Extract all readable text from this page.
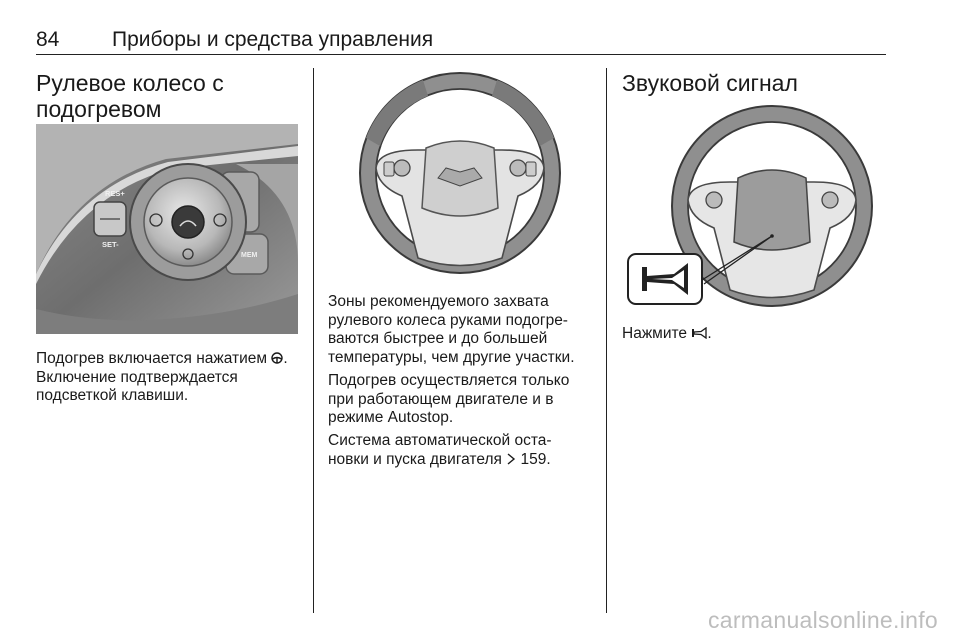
84	Приборы и средства управления
Рулевое колесо с
подогревом
RES+
SET-
MEM

Подогрев включается нажатием .
Включение подтверждается
подсветкой клавиши.

Зоны рекомендуемого захвата
рулевого колеса руками подогре-
ваются быстрее и до большей
температуры, чем другие участки.

Подогрев осуществляется только
при работающем двигателе и в
режиме Autostop.

Система автоматической оста-
новки и пуска двигателя 159.

Звуковой сигнал

Нажмите .

carmanualsonline.info
